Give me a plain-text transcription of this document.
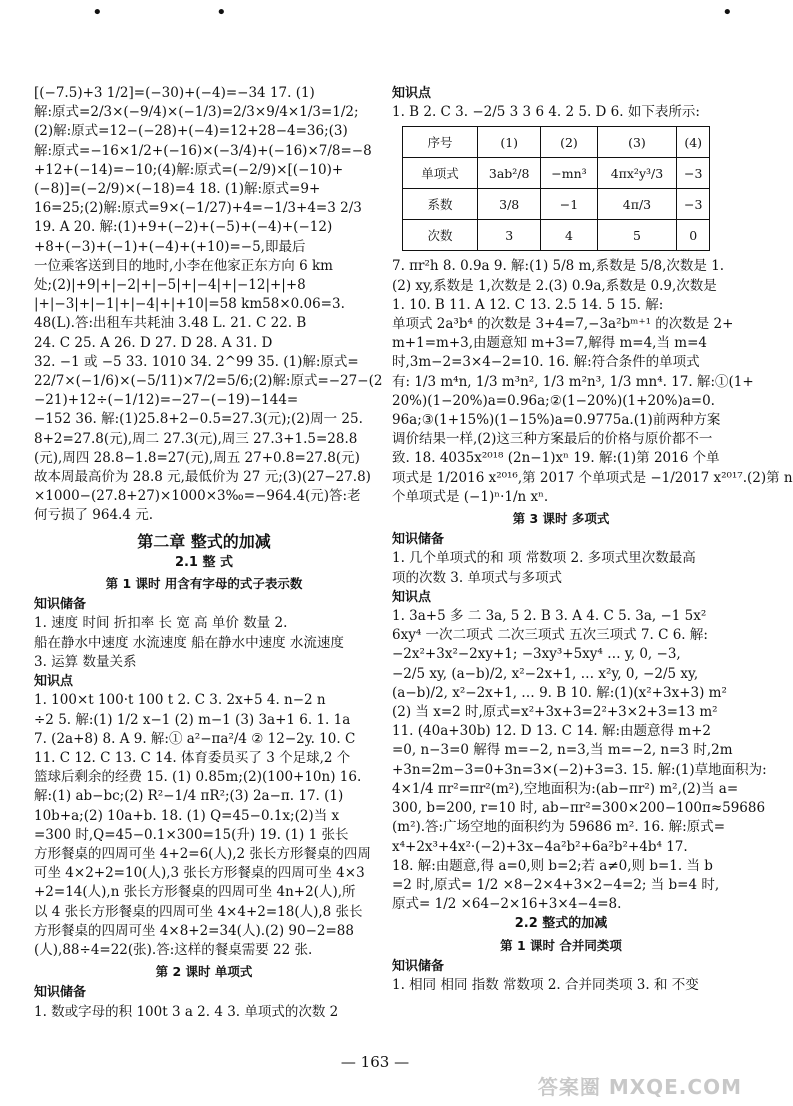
•	•	•
[(−7.5)+3 1/2]=(−30)+(−4)=−34 17. (1)
解:原式=2/3×(−9/4)×(−1/3)=2/3×9/4×1/3=1/2;
(2)解:原式=12−(−28)+(−4)=12+28−4=36;(3)
解:原式=−16×1/2+(−16)×(−3/4)+(−16)×7/8=−8
+12+(−14)=−10;(4)解:原式=(−2/9)×[(−10)+
(−8)]=(−2/9)×(−18)=4 18. (1)解:原式=9+
16=25;(2)解:原式=9×(−1/27)+4=−1/3+4=3 2/3
19. A 20. 解:(1)+9+(−2)+(−5)+(−4)+(−12)
+8+(−3)+(−1)+(−4)+(+10)=−5,即最后
一位乘客送到目的地时,小李在他家正东方向 6 km
处;(2)|+9|+|−2|+|−5|+|−4|+|−12|+|+8
|+|−3|+|−1|+|−4|+|+10|=58 km58×0.06=3.
48(L).答:出租车共耗油 3.48 L. 21. C 22. B
24. C 25. A 26. D 27. D 28. A 31. D
32. −1 或 −5 33. 1010 34. 2^99 35. (1)解:原式=
22/7×(−1/6)×(−5/11)×7/2=5/6;(2)解:原式=−27−(2
−21)+12÷(−1/12)=−27−(−19)−144=
−152 36. 解:(1)25.8+2−0.5=27.3(元);(2)周一 25.
8+2=27.8(元),周二 27.3(元),周三 27.3+1.5=28.8
(元),周四 28.8−1.8=27(元),周五 27+0.8=27.8(元)
故本周最高价为 28.8 元,最低价为 27 元;(3)(27−27.8)
×1000−(27.8+27)×1000×3‰=−964.4(元)答:老
何亏损了 964.4 元.
第二章 整式的加减
2.1 整 式
第 1 课时 用含有字母的式子表示数
知识储备
1. 速度 时间 折扣率 长 宽 高 单价 数量 2.
船在静水中速度 水流速度 船在静水中速度 水流速度
3. 运算 数量关系
知识点
1. 100×t 100·t 100 t 2. C 3. 2x+5 4. n−2 n
÷2 5. 解:(1) 1/2 x−1 (2) m−1 (3) 3a+1 6. 1. 1a
7. (2a+8) 8. A 9. 解:① a²−πa²/4 ② 12−2y. 10. C
11. C 12. C 13. C 14. 体育委员买了 3 个足球,2 个
篮球后剩余的经费 15. (1) 0.85m;(2)(100+10n) 16.
解:(1) ab−bc;(2) R²−1/4 πR²;(3) 2a−π. 17. (1)
10b+a;(2) 10a+b. 18. (1) Q=45−0.1x;(2)当 x
=300 时,Q=45−0.1×300=15(升) 19. (1) 1 张长
方形餐桌的四周可坐 4+2=6(人),2 张长方形餐桌的四周
可坐 4×2+2=10(人),3 张长方形餐桌的四周可坐 4×3
+2=14(人),n 张长方形餐桌的四周可坐 4n+2(人),所
以 4 张长方形餐桌的四周可坐 4×4+2=18(人),8 张长
方形餐桌的四周可坐 4×8+2=34(人).(2) 90−2=88
(人),88÷4=22(张).答:这样的餐桌需要 22 张.
第 2 课时 单项式
知识储备
1. 数或字母的积 100t 3 a 2. 4 3. 单项式的次数 2
知识点
1. B 2. C 3. −2/5 3 3 6 4. 2 5. D 6. 如下表所示:
序号	(1)	(2)	(3)	(4)
单项式	3ab²/8	−mn³	4πx²y³/3	−3
系数	3/8	−1	4π/3	−3
次数	3	4	5	0
7. πr²h 8. 0.9a 9. 解:(1) 5/8 m,系数是 5/8,次数是 1.
(2) xy,系数是 1,次数是 2.(3) 0.9a,系数是 0.9,次数是
1. 10. B 11. A 12. C 13. 2.5 14. 5 15. 解:
单项式 2a³b⁴ 的次数是 3+4=7,−3a²bᵐ⁺¹ 的次数是 2+
m+1=m+3,由题意知 m+3=7,解得 m=4,当 m=4
时,3m−2=3×4−2=10. 16. 解:符合条件的单项式
有: 1/3 m⁴n, 1/3 m³n², 1/3 m²n³, 1/3 mn⁴. 17. 解:①(1+
20%)(1−20%)a=0.96a;②(1−20%)(1+20%)a=0.
96a;③(1+15%)(1−15%)a=0.9775a.(1)前两种方案
调价结果一样,(2)这三种方案最后的价格与原价都不一
致. 18. 4035x²⁰¹⁸ (2n−1)xⁿ 19. 解:(1)第 2016 个单
项式是 1/2016 x²⁰¹⁶,第 2017 个单项式是 −1/2017 x²⁰¹⁷.(2)第 n
个单项式是 (−1)ⁿ·1/n xⁿ.
第 3 课时 多项式
知识储备
1. 几个单项式的和 项 常数项 2. 多项式里次数最高
项的次数 3. 单项式与多项式
知识点
1. 3a+5 多 二 3a, 5 2. B 3. A 4. C 5. 3a, −1 5x²
6xy⁴ 一次二项式 二次三项式 五次三项式 7. C 6. 解:
−2x²+3x²−2xy+1; −3xy³+5xy⁴ … y, 0, −3,
−2/5 xy, (a−b)/2, x²−2x+1, … x²y, 0, −2/5 xy,
(a−b)/2, x²−2x+1, … 9. B 10. 解:(1)(x²+3x+3) m²
(2) 当 x=2 时,原式=x²+3x+3=2²+3×2+3=13 m²
11. (40a+30b) 12. D 13. C 14. 解:由题意得 m+2
=0, n−3=0 解得 m=−2, n=3,当 m=−2, n=3 时,2m
+3n=2m−3=0+3n=3×(−2)+3=3. 15. 解:(1)草地面积为:
4×1/4 πr²=πr²(m²),空地面积为:(ab−πr²) m²,(2)当 a=
300, b=200, r=10 时, ab−πr²=300×200−100π≈59686
(m²).答:广场空地的面积约为 59686 m². 16. 解:原式=
x⁴+2x³+4x²·(−2)+3x−4a²b²+6a²b²+4b⁴ 17.
18. 解:由题意,得 a=0,则 b=2;若 a≠0,则 b=1. 当 b
=2 时,原式= 1/2 ×8−2×4+3×2−4=2; 当 b=4 时,
原式= 1/2 ×64−2×16+3×4−4=8.
2.2 整式的加减
第 1 课时 合并同类项
知识储备
1. 相同 相同 指数 常数项 2. 合并同类项 3. 和 不变
— 163 —
答案圈 MXQE.COM
